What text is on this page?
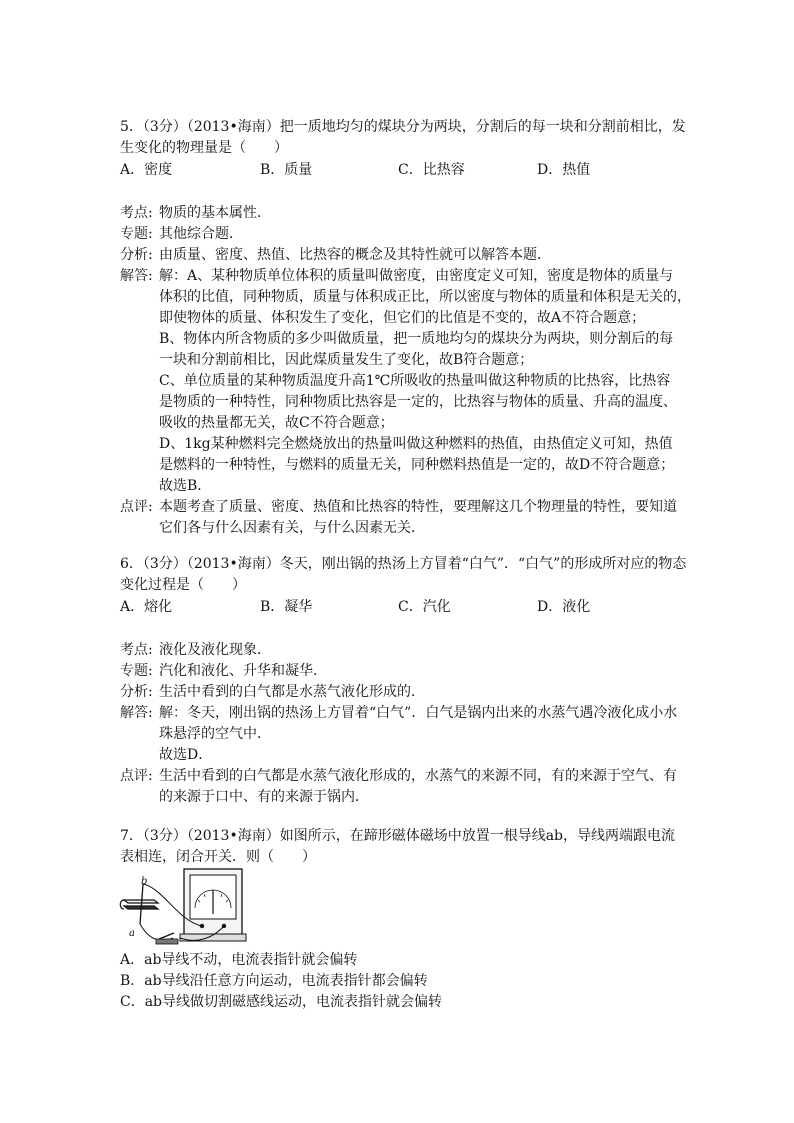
5．（3分）（2013•海南）把一质地均匀的煤块分为两块，分割后的每一块和分割前相比，发
生变化的物理量是（　　）
A．密度	B．质量	C．比热容	D．热值
考点: 物质的基本属性．
专题: 其他综合题．
分析: 由质量、密度、热值、比热容的概念及其特性就可以解答本题．
解答: 解：A、某种物质单位体积的质量叫做密度，由密度定义可知，密度是物体的质量与
体积的比值，同种物质，质量与体积成正比，所以密度与物体的质量和体积是无关的，
即使物体的质量、体积发生了变化，但它们的比值是不变的，故A不符合题意；
B、物体内所含物质的多少叫做质量，把一质地均匀的煤块分为两块，则分割后的每
一块和分割前相比，因此煤质量发生了变化，故B符合题意；
C、单位质量的某种物质温度升高1℃所吸收的热量叫做这种物质的比热容，比热容
是物质的一种特性，同种物质比热容是一定的，比热容与物体的质量、升高的温度、
吸收的热量都无关，故C不符合题意；
D、1kg某种燃料完全燃烧放出的热量叫做这种燃料的热值，由热值定义可知，热值
是燃料的一种特性，与燃料的质量无关，同种燃料热值是一定的，故D不符合题意；
故选B．
点评: 本题考查了质量、密度、热值和比热容的特性，要理解这几个物理量的特性，要知道
它们各与什么因素有关，与什么因素无关．
6．（3分）（2013•海南）冬天，刚出锅的热汤上方冒着“白气”．“白气”的形成所对应的物态
变化过程是（　　）
A．熔化	B．凝华	C．汽化	D．液化
考点: 液化及液化现象．
专题: 汽化和液化、升华和凝华．
分析: 生活中看到的白气都是水蒸气液化形成的．
解答: 解：冬天，刚出锅的热汤上方冒着“白气”．白气是锅内出来的水蒸气遇冷液化成小水
珠悬浮的空气中．
故选D．
点评: 生活中看到的白气都是水蒸气液化形成的，水蒸气的来源不同，有的来源于空气、有
的来源于口中、有的来源于锅内．
7．（3分）（2013•海南）如图所示，在蹄形磁体磁场中放置一根导线ab，导线两端跟电流
表相连，闭合开关．则（　　）
b
a
A．ab导线不动，电流表指针就会偏转
B．ab导线沿任意方向运动，电流表指针都会偏转
C．ab导线做切割磁感线运动，电流表指针就会偏转
